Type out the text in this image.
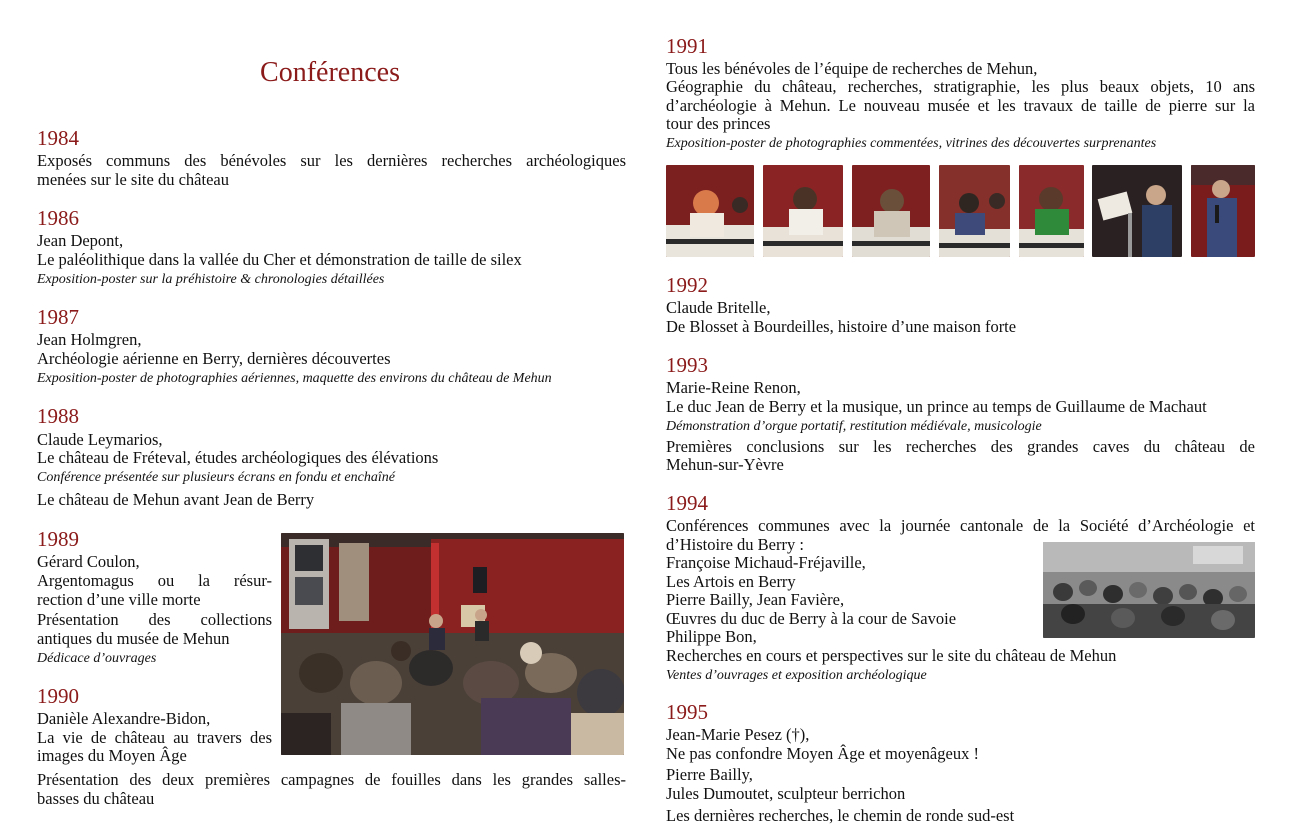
Conférences
1984
Exposés communs des bénévoles sur les dernières recherches archéologiques
menées sur le site du château
1986
Jean Depont,
Le paléolithique dans la vallée du Cher et démonstration de taille de silex
Exposition-poster sur la préhistoire & chronologies détaillées
1987
Jean Holmgren,
Archéologie aérienne en Berry, dernières découvertes
Exposition-poster de photographies aériennes, maquette des environs du château de Mehun
1988
Claude Leymarios,
Le château de Fréteval, études archéologiques des élévations
Conférence présentée sur plusieurs écrans en fondu et enchaîné
Le château de Mehun avant Jean de Berry
1989
Gérard Coulon,
Argentomagus ou la résur-
rection d’une ville morte
Présentation des collections
antiques du musée de Mehun
Dédicace d’ouvrages
1990
Danièle Alexandre-Bidon,
La vie de château au travers des
images du Moyen Âge
Présentation des deux premières campagnes de fouilles dans les grandes salles-
basses du château
1991
Tous les bénévoles de l’équipe de recherches de Mehun,
Géographie du château, recherches, stratigraphie, les plus beaux objets, 10 ans
d’archéologie à Mehun. Le nouveau musée et les travaux de taille de pierre sur la
tour des princes
Exposition-poster de photographies commentées, vitrines des découvertes surprenantes
1992
Claude Britelle,
De Blosset à Bourdeilles, histoire d’une maison forte
1993
Marie-Reine Renon,
Le duc Jean de Berry et la musique, un prince au temps de Guillaume de Machaut
Démonstration d’orgue portatif, restitution médiévale, musicologie
Premières conclusions sur les recherches des grandes caves du château de
Mehun-sur-Yèvre
1994
Conférences communes avec la journée cantonale de la Société d’Archéologie et
d’Histoire du Berry :
Françoise Michaud-Fréjaville,
Les Artois en Berry
Pierre Bailly, Jean Favière,
Œuvres du duc de Berry à la cour de Savoie
Philippe Bon,
Recherches en cours et perspectives sur le site du château de Mehun
Ventes d’ouvrages et exposition archéologique
1995
Jean-Marie Pesez (†),
Ne pas confondre Moyen Âge et moyenâgeux !
Pierre Bailly,
Jules Dumoutet, sculpteur berrichon
Les dernières recherches, le chemin de ronde sud-est
